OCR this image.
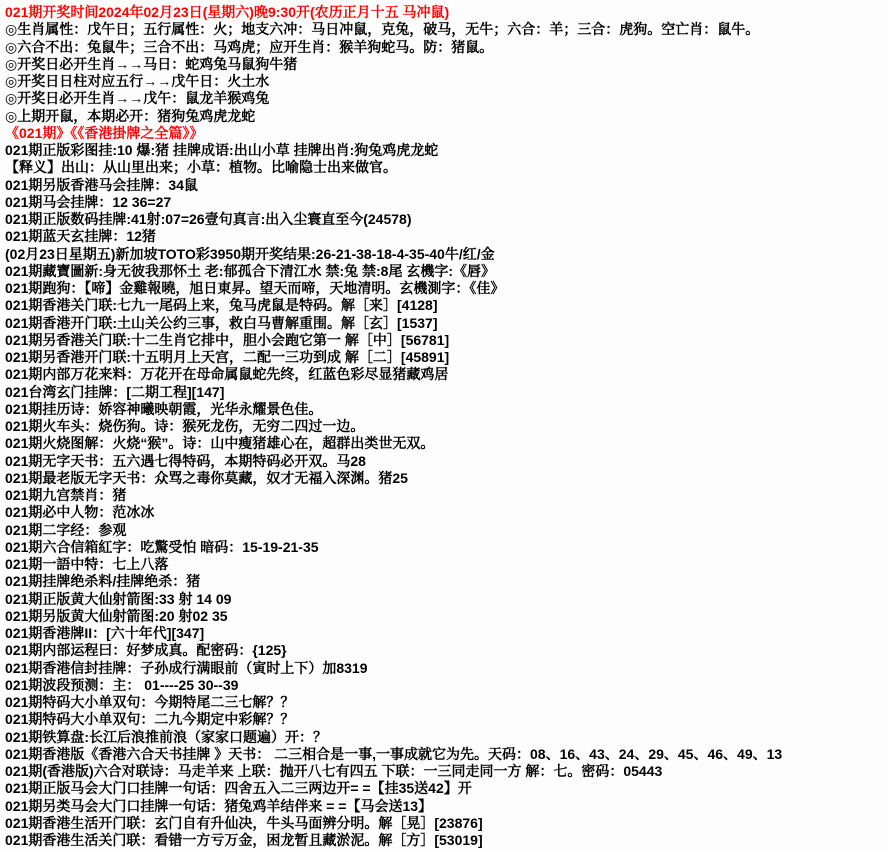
021期开奖时间2024年02月23日(星期六)晚9:30开(农历正月十五 马冲鼠)
◎生肖属性：戊午日；五行属性：火；地支六冲：马日冲鼠，克兔，破马，无牛；六合：羊；三合：虎狗。空亡肖：鼠牛。
◎六合不出：兔鼠牛；三合不出：马鸡虎；应开生肖：猴羊狗蛇马。防：猪鼠。
◎开奖日必开生肖→→马日：蛇鸡兔马鼠狗牛猪
◎开奖日日柱对应五行→→戊午日：火土水
◎开奖日必开生肖→→戊午：鼠龙羊猴鸡兔
◎上期开鼠，本期必开：猪狗兔鸡虎龙蛇
《021期》《《香港掛牌之全篇》》
021期正版彩图挂:10 爆:猪 挂牌成语:出山小草 挂牌出肖:狗兔鸡虎龙蛇
【释义】出山：从山里出来；小草：植物。比喻隐士出来做官。
021期另版香港马会挂牌：34鼠
021期马会挂牌：12 36=27
021期正版数码挂牌:41射:07=26壹句真言:出入尘寰直至今(24578)
021期蓝天玄挂牌：12猪
(02月23日星期五)新加坡TOTO彩3950期开奖结果:26-21-38-18-4-35-40牛/红/金
021期藏寶圖新:身无彼我那怀土 老:郁孤合下清江水 禁:兔 禁:8尾 玄機字:《唇》
021期跑狗：【啼】金雞報曉，旭日東昇。望天而啼，天地清明。玄機測字：《佳》
021期香港关门联:七九一尾码上来，兔马虎鼠是特码。解［来］[4128]
021期香港开门联:土山关公约三事，救白马曹解重围。解［玄］[1537]
021期另香港关门联:十二生肖它排中，胆小会跑它第一 解［中］[56781]
021期另香港开门联:十五明月上天宫，二配一三功到成 解［二］[45891]
021期内部万花来料：万花开在母命属鼠蛇先终，红蓝色彩尽显猪藏鸡居
021台湾玄门挂牌：[二期工程][147]
021期挂历诗：娇容神曦映朝霞，光华永耀景色佳。
021期火车头：烧伤狗。诗：猴死龙伤，无穷二四过一边。
021期火烧图解：火烧“猴”。诗：山中瘦猪雄心在，超群出类世无双。
021期无字天书：五六遇七得特码，本期特码必开双。马28
021期最老版无字天书：众骂之毒你莫藏，奴才无福入深渊。猪25
021期九宫禁肖：猪
021期必中人物：范冰冰
021期二字经：参观
021期六合信箱紅字：吃驚受怕 暗码：15-19-21-35
021期一語中特：七上八落
021期挂牌绝杀料/挂牌绝杀：猪
021期正版黄大仙射箭图:33 射 14 09
021期另版黄大仙射箭图:20 射02 35
021期香港牌II：[六十年代][347]
021期内部运程曰：好梦成真。配密码：{125}
021期香港信封挂牌：子孙成行满眼前（寅时上下）加8319
021期波段预测：主： 01----25 30--39
021期特码大小单双句：今期特尾二三七解？？
021期特码大小单双句：二九今期定中彩解？？
021期铁算盘:长江后浪推前浪（家家口题遍）开：？
021期香港版《香港六合天书挂牌 》天书： 二三相合是一事,一事成就它为先。天码：08、16、43、24、29、45、46、49、13
021期(香港版)六合对联诗：马走羊来 上联：抛开八七有四五 下联：一三同走同一方 解：七。密码：05443
021期正版马会大门口挂牌一句话：四舍五入二三两边开= =【挂35送42】开
021期另类马会大门口挂牌一句话：猪兔鸡羊结伴来 = =【马会送13】
021期香港生活开门联：玄门自有升仙决，牛头马面辨分明。解［晃］[23876]
021期香港生活关门联：看错一方亏万金，困龙暂且藏淤泥。解［方］[53019]
